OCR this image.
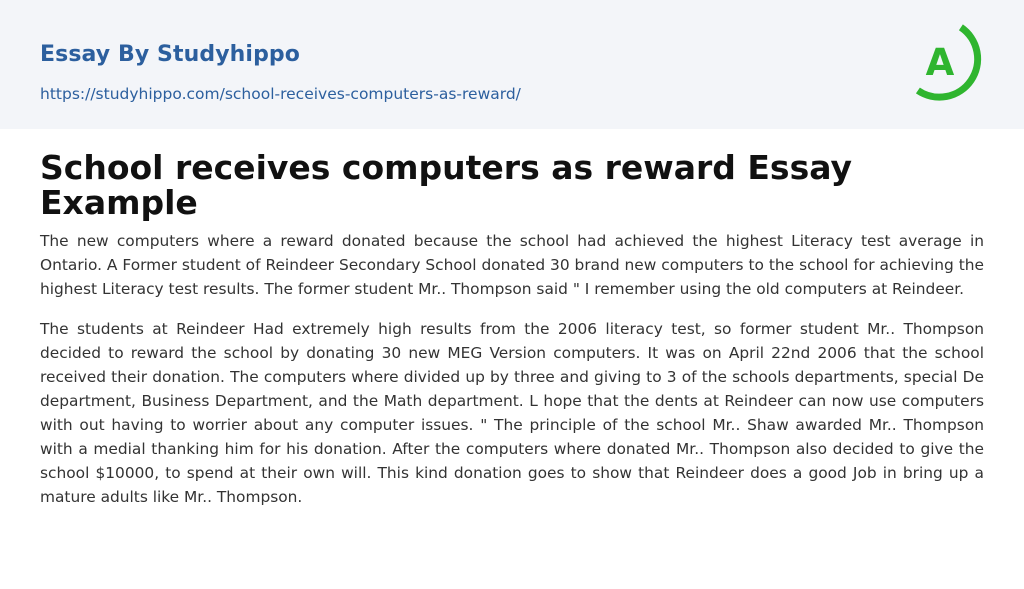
Essay By Studyhippo
https://studyhippo.com/school-receives-computers-as-reward/
A
School receives computers as reward Essay Example

The new computers where a reward donated because the school had achieved the highest Literacy test average in Ontario. A Former student of Reindeer Secondary School donated 30 brand new computers to the school for achieving the highest Literacy test results. The former student Mr.. Thompson said " I remember using the old computers at Reindeer.

The students at Reindeer Had extremely high results from the 2006 literacy test, so former student Mr.. Thompson decided to reward the school by donating 30 new MEG Version computers. It was on April 22nd 2006 that the school received their donation. The computers where divided up by three and giving to 3 of the schools departments, special De department, Business Department, and the Math department. L hope that the dents at Reindeer can now use computers with out having to worrier about any computer issues. " The principle of the school Mr.. Shaw awarded Mr.. Thompson with a medial thanking him for his donation. After the computers where donated Mr.. Thompson also decided to give the school $10000, to spend at their own will. This kind donation goes to show that Reindeer does a good Job in bring up a mature adults like Mr.. Thompson.
